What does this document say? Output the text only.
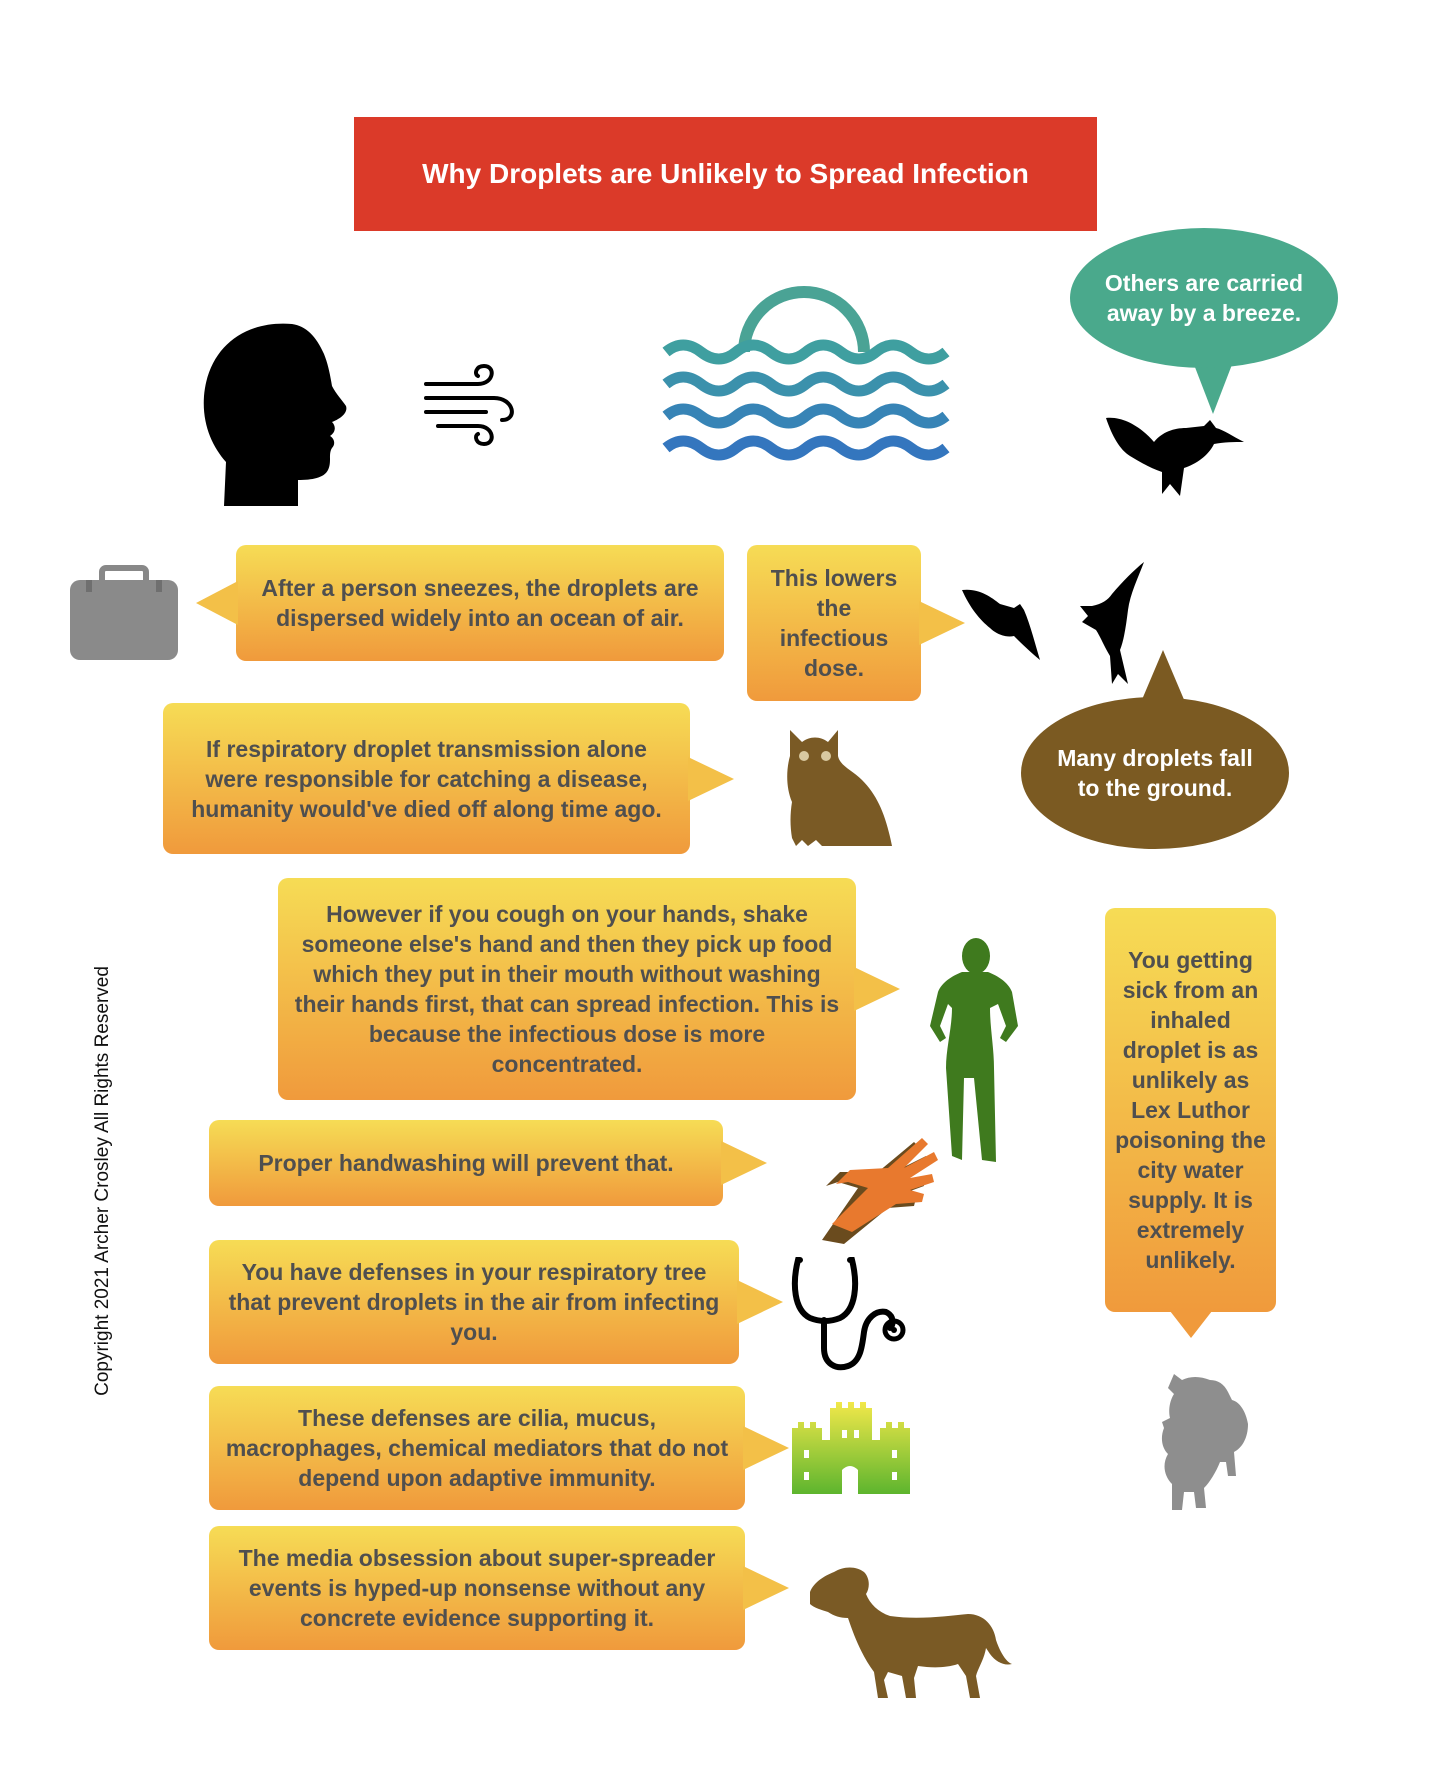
Why Droplets are Unlikely to Spread Infection
Others are carried away by a breeze.
After a person sneezes, the droplets are dispersed widely into an ocean of air.
This lowers the infectious dose.
Many droplets fall to the ground.
If respiratory droplet transmission alone were responsible for catching a disease, humanity would've died off along time ago.
However if you cough on your hands, shake someone else's hand and then they pick up food which they put in their mouth without washing their hands first, that can spread infection. This is because the infectious dose is more concentrated.
You getting sick from an inhaled droplet is as unlikely as Lex Luthor poisoning the city water supply. It is extremely unlikely.
Proper handwashing will prevent that.
You have defenses in your respiratory tree that prevent droplets in the air from infecting you.
These defenses are cilia, mucus, macrophages, chemical mediators that do not depend upon adaptive immunity.
The media obsession about super-spreader events is hyped-up nonsense without any concrete evidence supporting it.
Copyright 2021 Archer Crosley All Rights Reserved
